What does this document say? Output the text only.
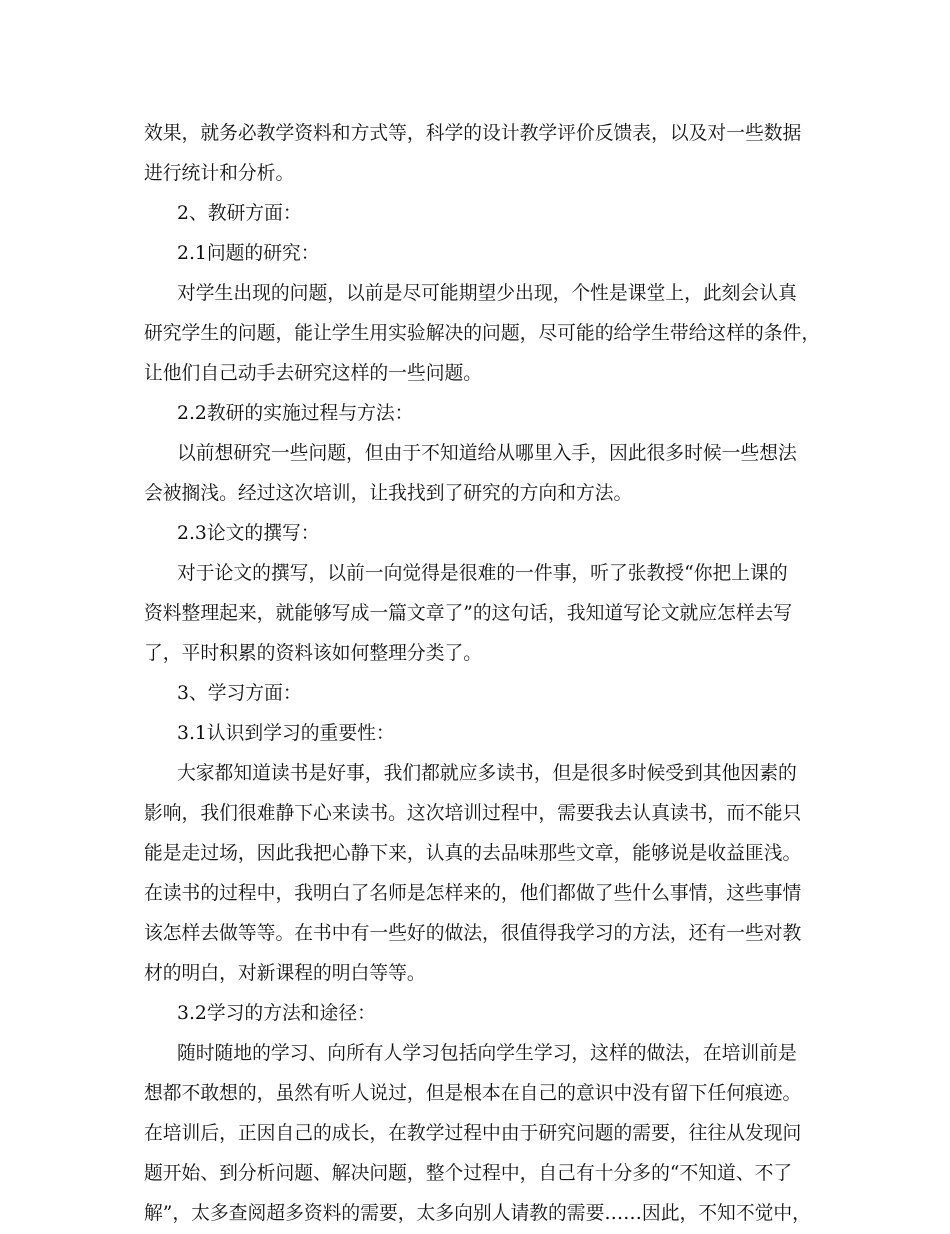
效果，就务必教学资料和方式等，科学的设计教学评价反馈表，以及对一些数据
进行统计和分析。
2、教研方面：
2.1问题的研究：
对学生出现的问题，以前是尽可能期望少出现，个性是课堂上，此刻会认真
研究学生的问题，能让学生用实验解决的问题，尽可能的给学生带给这样的条件，
让他们自己动手去研究这样的一些问题。
2.2教研的实施过程与方法：
以前想研究一些问题，但由于不知道给从哪里入手，因此很多时候一些想法
会被搁浅。经过这次培训，让我找到了研究的方向和方法。
2.3论文的撰写：
对于论文的撰写，以前一向觉得是很难的一件事，听了张教授“你把上课的
资料整理起来，就能够写成一篇文章了”的这句话，我知道写论文就应怎样去写
了，平时积累的资料该如何整理分类了。
3、学习方面：
3.1认识到学习的重要性：
大家都知道读书是好事，我们都就应多读书，但是很多时候受到其他因素的
影响，我们很难静下心来读书。这次培训过程中，需要我去认真读书，而不能只
能是走过场，因此我把心静下来，认真的去品味那些文章，能够说是收益匪浅。
在读书的过程中，我明白了名师是怎样来的，他们都做了些什么事情，这些事情
该怎样去做等等。在书中有一些好的做法，很值得我学习的方法，还有一些对教
材的明白，对新课程的明白等等。
3.2学习的方法和途径：
随时随地的学习、向所有人学习包括向学生学习，这样的做法，在培训前是
想都不敢想的，虽然有听人说过，但是根本在自己的意识中没有留下任何痕迹。
在培训后，正因自己的成长，在教学过程中由于研究问题的需要，往往从发现问
题开始、到分析问题、解决问题，整个过程中，自己有十分多的“不知道、不了
解”，太多查阅超多资料的需要，太多向别人请教的需要……因此，不知不觉中，
